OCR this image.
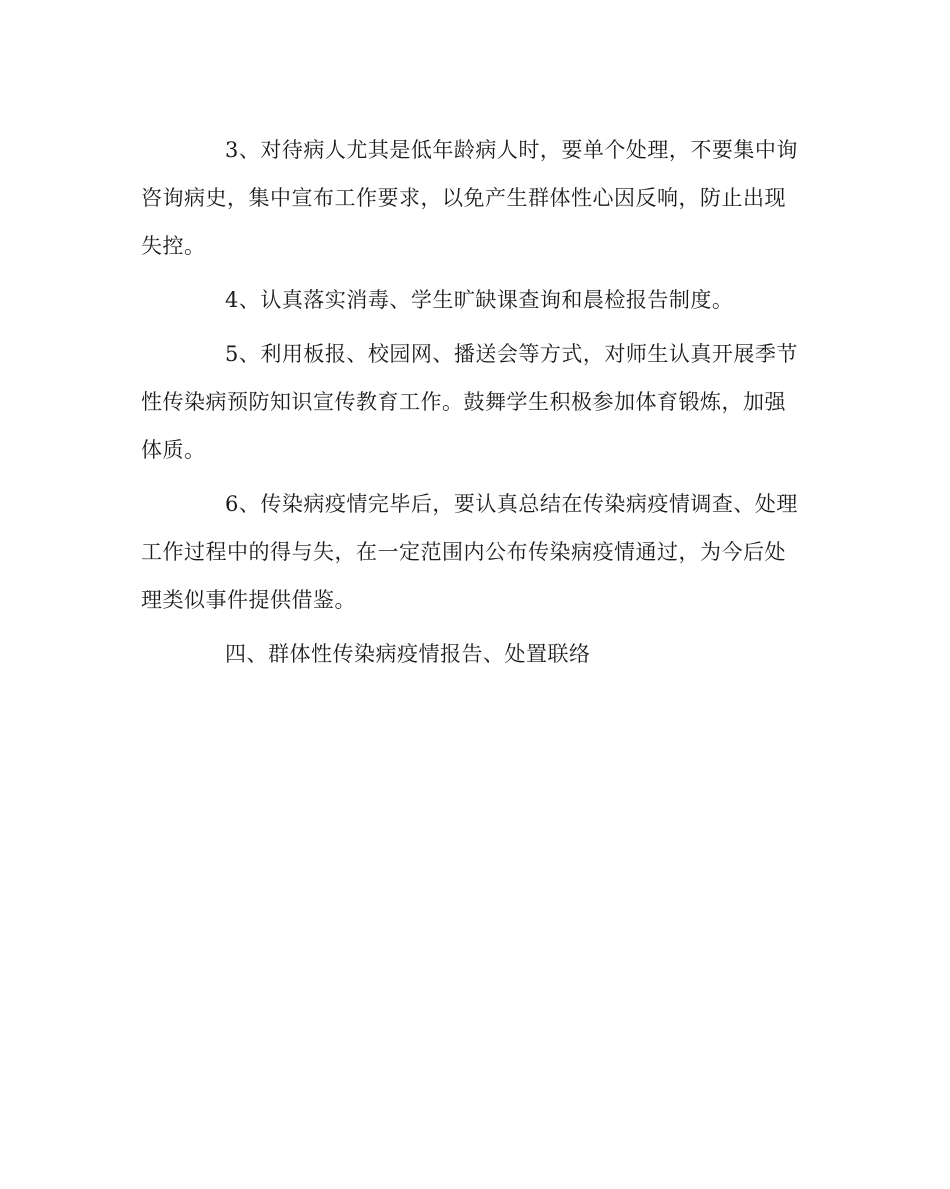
3、对待病人尤其是低年龄病人时，要单个处理，不要集中询
咨询病史，集中宣布工作要求，以免产生群体性心因反响，防止出现
失控。
4、认真落实消毒、学生旷缺课查询和晨检报告制度。
5、利用板报、校园网、播送会等方式，对师生认真开展季节
性传染病预防知识宣传教育工作。鼓舞学生积极参加体育锻炼，加强
体质。
6、传染病疫情完毕后，要认真总结在传染病疫情调查、处理
工作过程中的得与失，在一定范围内公布传染病疫情通过，为今后处
理类似事件提供借鉴。
四、群体性传染病疫情报告、处置联络
